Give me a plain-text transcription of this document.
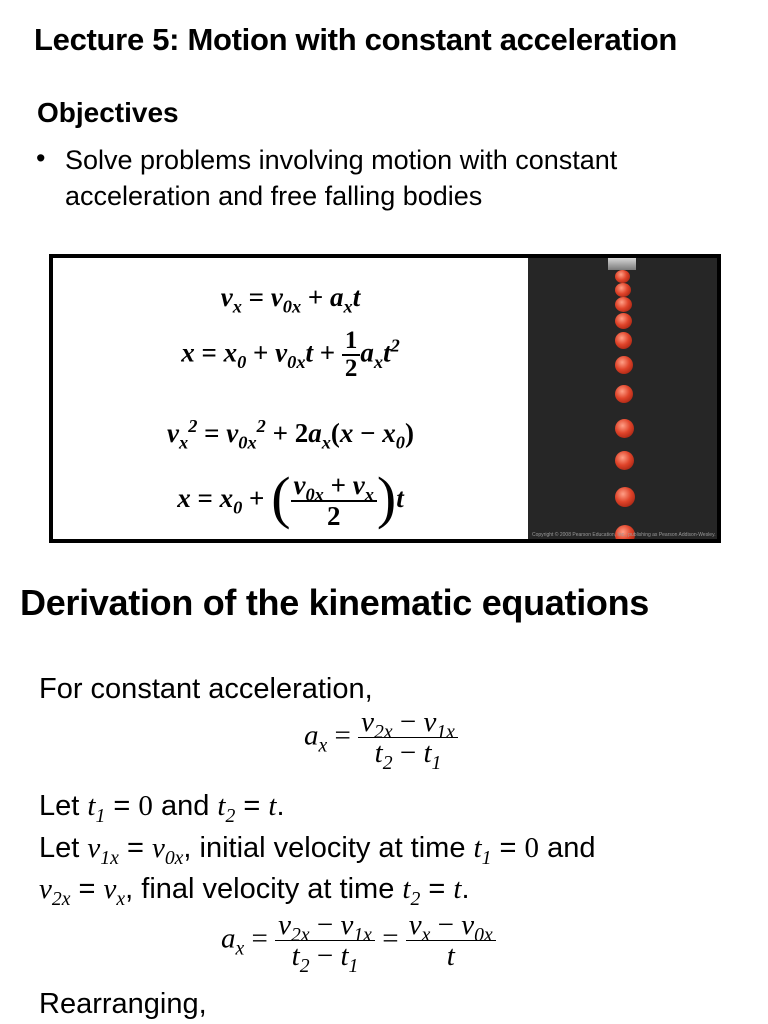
Lecture 5: Motion with constant acceleration
Objectives
• Solve problems involving motion with constant acceleration and free falling bodies
$v_x = v_{0x} + a_xt$
$x = x_0 + v_{0x}t + \frac{1}{2} a_xt^2$
$v_x^2 = v_{0x}^2 + 2a_x(x - x_0)$
$x = x_0$ + ( $\frac{v_{0x} + v_x}{2} )t$
Copyright © 2008 Pearson Education, Inc., publishing as Pearson Addison-Wesley.
Derivation of the kinematic equations
For constant acceleration,
$a_x = \frac{v_{2x} - v_{1x}}{t_2 - t_1}$
Let $t_1 = 0$ and $t_2 = t$.
Let $v_{1x} = v_{0x}$, initial velocity at time $t_1 = 0$ and
$v_{2x} = v_x$, final velocity at time $t_2 = t$.
$a_x = \frac{v_{2x} - v_{1x}}{t_2 - t_1} = \frac{v_x - v_{0x}}{t}$
Rearranging,
